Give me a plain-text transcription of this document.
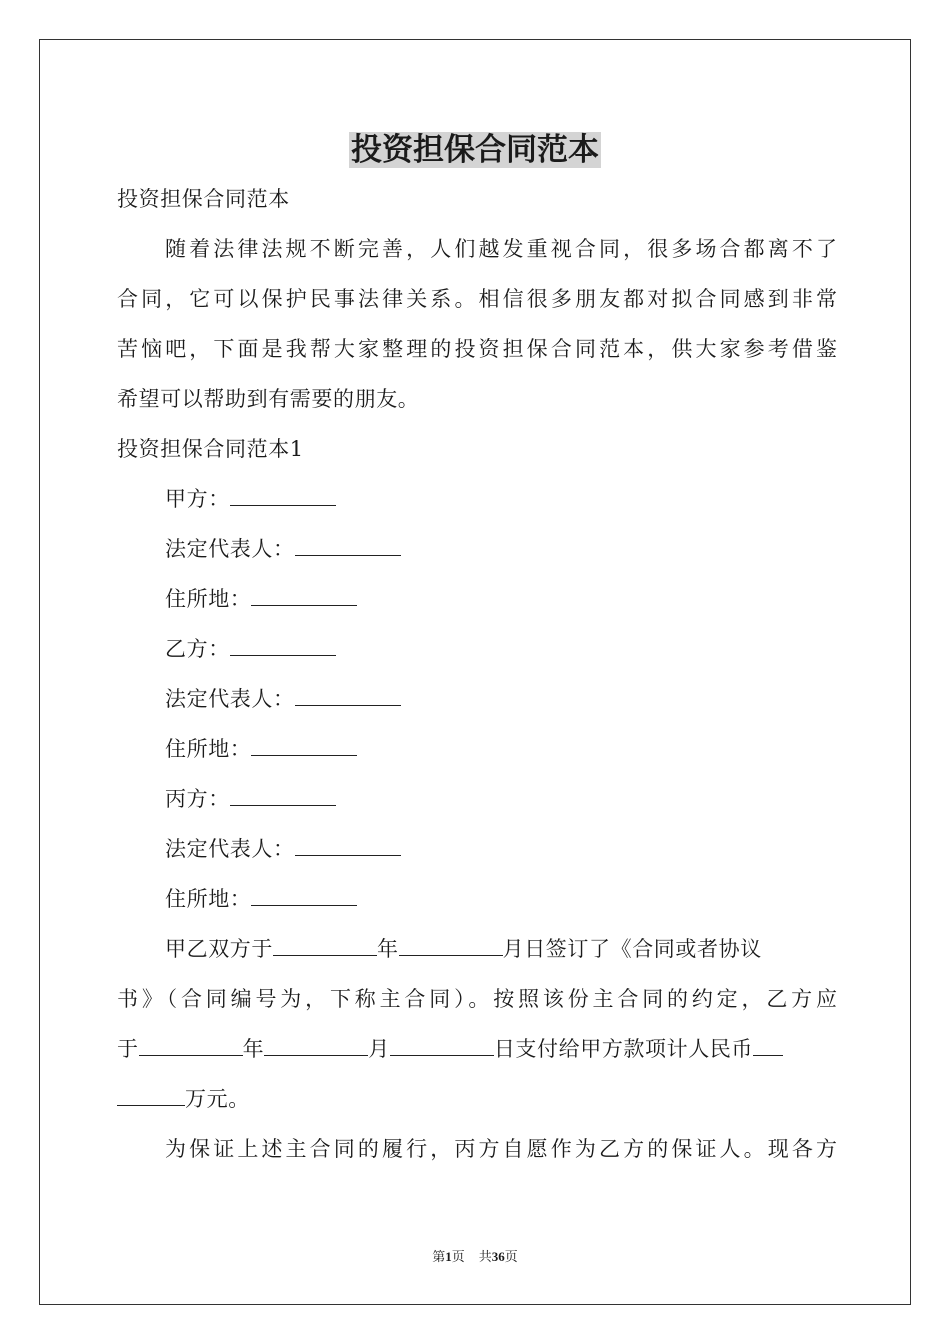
投资担保合同范本
投资担保合同范本
随着法律法规不断完善，人们越发重视合同，很多场合都离不了
合同，它可以保护民事法律关系。相信很多朋友都对拟合同感到非常
苦恼吧，下面是我帮大家整理的投资担保合同范本，供大家参考借鉴
希望可以帮助到有需要的朋友。
投资担保合同范本1
甲方：
法定代表人：
住所地：
乙方：
法定代表人：
住所地：
丙方：
法定代表人：
住所地：
甲乙双方于	年	月日签订了《合同或者协议
书》（合同编号为，下称主合同）。按照该份主合同的约定，乙方应
于	年	月	日支付给甲方款项计人民币
万元。
为保证上述主合同的履行，丙方自愿作为乙方的保证人。现各方
第1页 共36页
